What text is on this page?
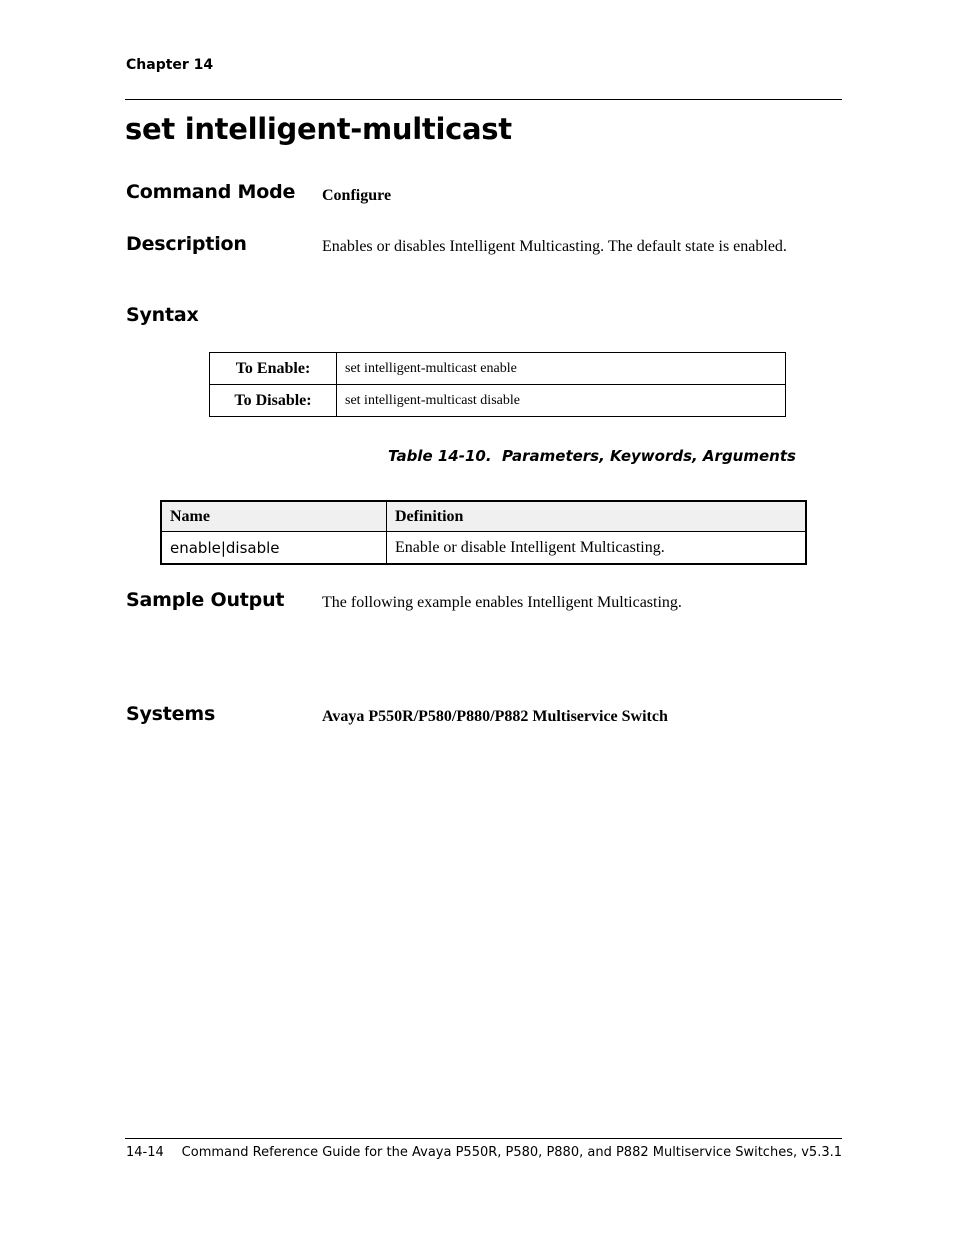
Chapter 14
set intelligent-multicast
Command Mode Configure
Description	Enables or disables Intelligent Multicasting. The default state is enabled.
Syntax
To Enable:	set intelligent-multicast enable
To Disable:	set intelligent-multicast disable
Table 14-10.  Parameters, Keywords, Arguments
Name	Definition
enable|disable	Enable or disable Intelligent Multicasting.
Sample Output The following example enables Intelligent Multicasting.
Systems	Avaya P550R/P580/P880/P882 Multiservice Switch
14-14 Command Reference Guide for the Avaya P550R, P580, P880, and P882 Multiservice Switches, v5.3.1
